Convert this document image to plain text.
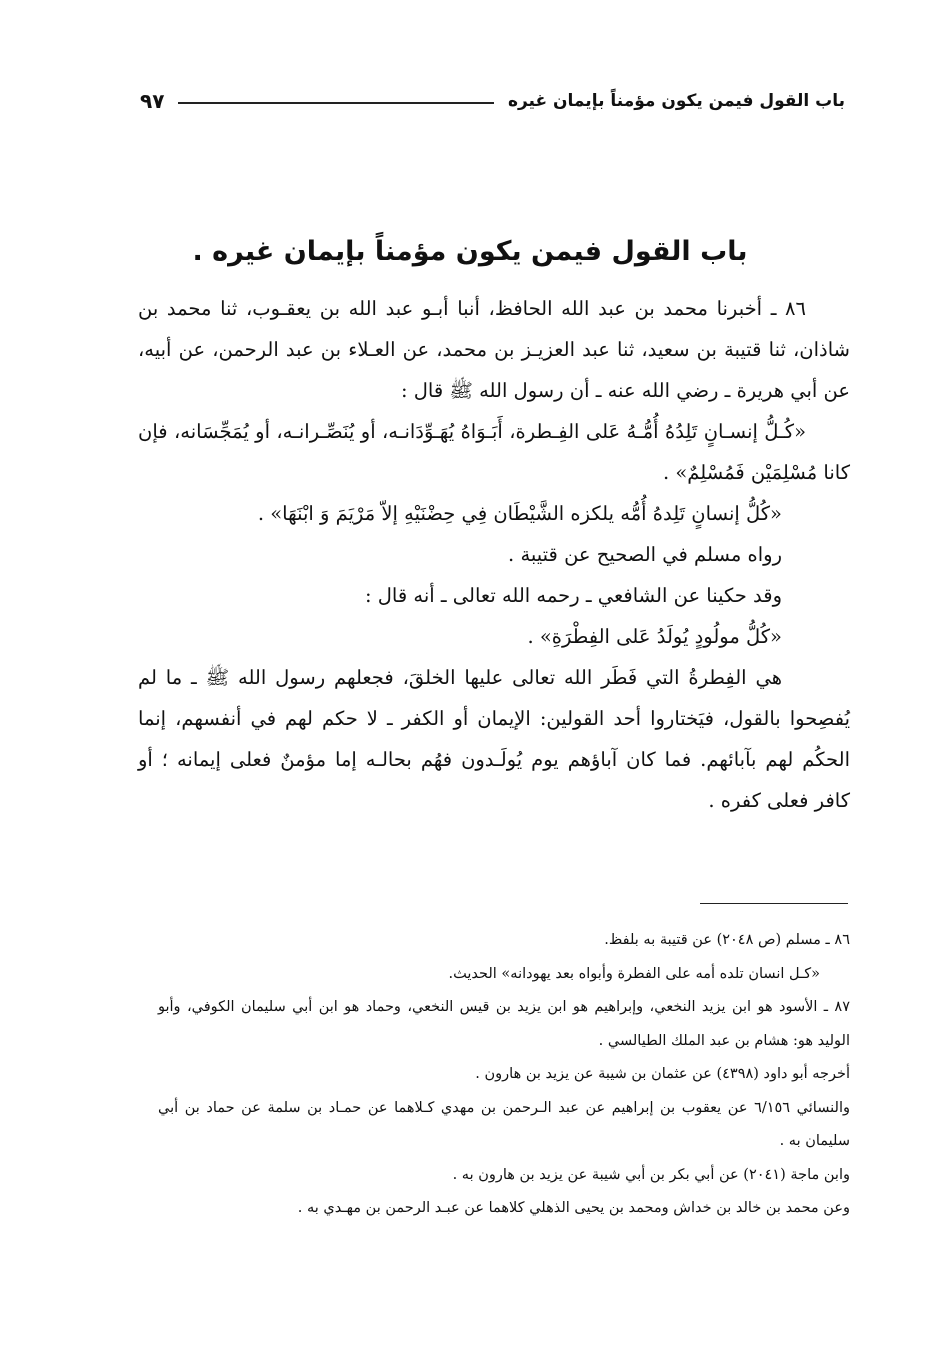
باب القول فيمن يكون مؤمناً بإيمان غيره
٩٧
باب القول فيمن يكون مؤمناً بإيمان غيره .

٨٦ ـ أخبرنا محمد بن عبد الله الحافظ، أنبا أبـو عبد الله بن يعقـوب، ثنا محمد بن شاذان، ثنا قتيبة بن سعيد، ثنا عبد العزيـز بن محمد، عن العـلاء بن عبد الرحمن، عن أبيه، عن أبي هريرة ـ رضي الله عنه ـ أن رسول الله ﷺ قال :

«كُـلُّ إنسـانٍ تَلِدُهُ أُمُّـهُ عَلى الفِـطرة، أَبَـوَاهُ يُهَـوِّدَانـه، أو يُنَصِّـرانـه، أو يُمَجِّسَانه، فإن كانا مُسْلِمَيْن فَمُسْلِمٌ» .

«كُلُّ إنسانٍ تَلِدهُ أُمُّه يلكزه الشَّيْطَان فِي حِضْنَيْهِ إلاّ مَرْيَمَ وَ ابْنَهَا» .

رواه مسلم في الصحيح عن قتيبة .

وقد حكينا عن الشافعي ـ رحمه الله تعالى ـ أنه قال :

«كُلُّ مولُودٍ يُولَدُ عَلى الفِطْرَةِ» .

هي الفِطرةُ التي فَطَر الله تعالى عليها الخلقَ، فجعلهم رسول الله ﷺ ـ ما لم يُفصِحوا بالقول، فيَختاروا أحد القولين: الإيمان أو الكفر ـ لا حكم لهم في أنفسهم، إنما الحكُم لهم بآبائهم. فما كان آباؤهم يوم يُولَـدون فهُم بحالـه إما مؤمنٌ فعلى إيمانه ؛ أو كافر فعلى كفره .

٨٦ ـ مسلم (ص ٢٠٤٨) عن قتيبة به بلفظ.

«كـل انسان تلده أمه على الفطرة وأبواه بعد يهودانه» الحديث.

٨٧ ـ الأسود هو ابن يزيد النخعي، وإبراهيم هو ابن يزيد بن قيس النخعي، وحماد هو ابن أبي سليمان الكوفي، وأبو الوليد هو: هشام بن عبد الملك الطيالسي .

أخرجه أبو داود (٤٣٩٨) عن عثمان بن شيبة عن يزيد بن هارون .

والنسائي ٦/١٥٦ عن يعقوب بن إبراهيم عن عبد الـرحمن بن مهدي كـلاهما عن حمـاد بن سلمة عن حماد بن أبي سليمان به .

وابن ماجة (٢٠٤١) عن أبي بكر بن أبي شيبة عن يزيد بن هارون به .

وعن محمد بن خالد بن خداش ومحمد بن يحيى الذهلي كلاهما عن عبـد الرحمن بن مهـدي به .
